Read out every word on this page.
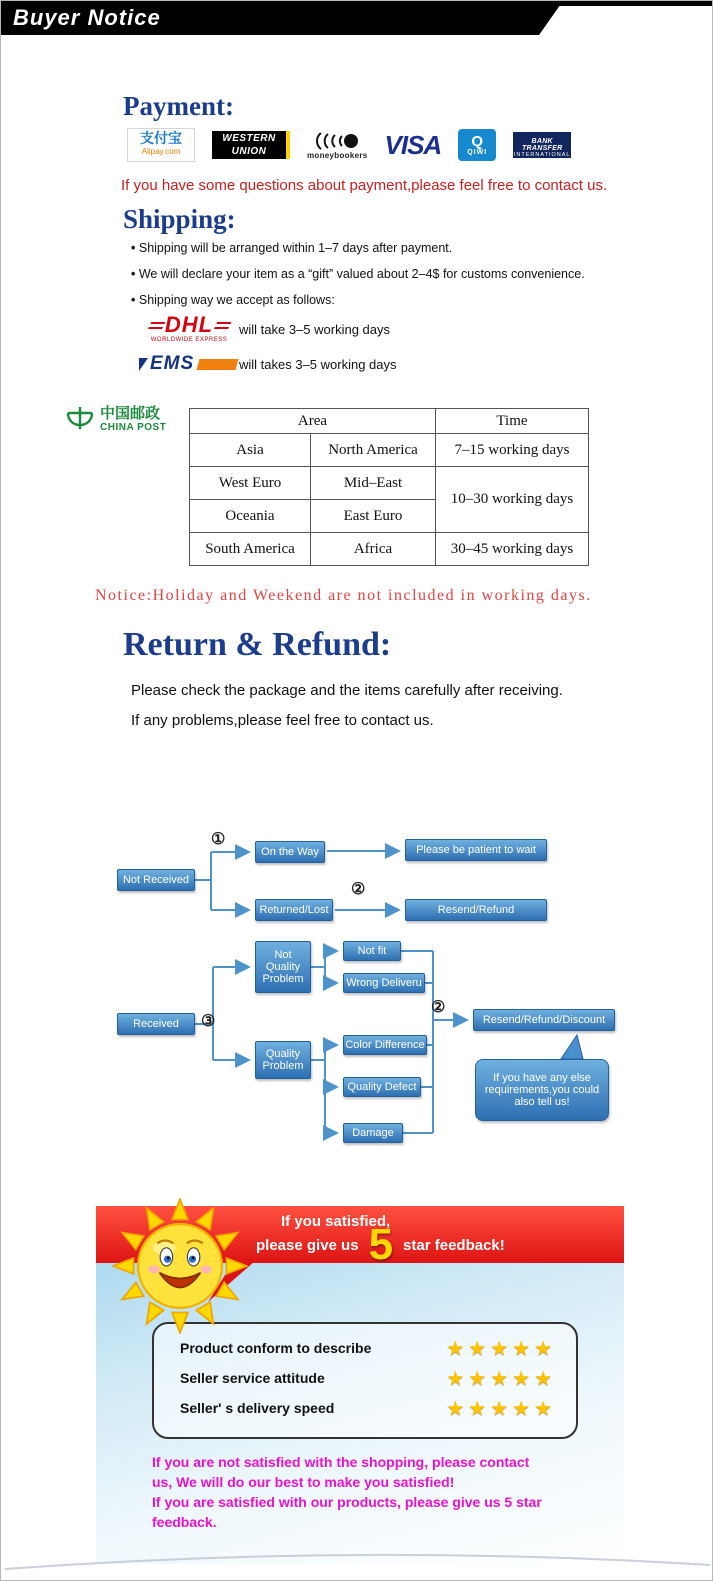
Buyer Notice
Payment:
支付宝
Alipay.com
WESTERN
UNION	moneybookers VISA Q
QIWI
BANK TRANSFER
INTERNATIONAL
If you have some questions about payment,please feel free to contact us.
Shipping:
• Shipping will be arranged within 1–7 days after payment.
• We will declare your item as a “gift” valued about 2–4$ for customs convenience.
• Shipping way we accept as follows:
DHL
WORLDWIDE EXPRESS
will take 3–5 working days
EMS	will takes 3–5 working days
中国邮政
CHINA POST	Area		Time
Asia	North America	7–15 working days
West Euro	Mid–East	10–30 working days
Oceania	East Euro	
South America	Africa	30–45 working days
Notice:Holiday and Weekend are not included in working days.
Return & Refund:
Please check the package and the items carefully after receiving.
If any problems,please feel free to contact us.
①
②
③
②
Not Received
On the Way	Please be patient to wait
Returned/Lost	Resend/Refund
Received
Not Quality Problem
Not fit
Wrong Deliveru
Quality Problem
Color Difference
Quality Defect
Damage
Resend/Refund/Discount
If you have any else requirements,you could also tell us!
If you satisfied,
please give us 5 star feedback!
Product conform to describe	★★★★★
Seller service attitude	★★★★★
Seller' s delivery speed	★★★★★
If you are not satisfied with the shopping, please contact
us, We will do our best to make you satisfied!
If you are satisfied with our products, please give us 5 star
feedback.
